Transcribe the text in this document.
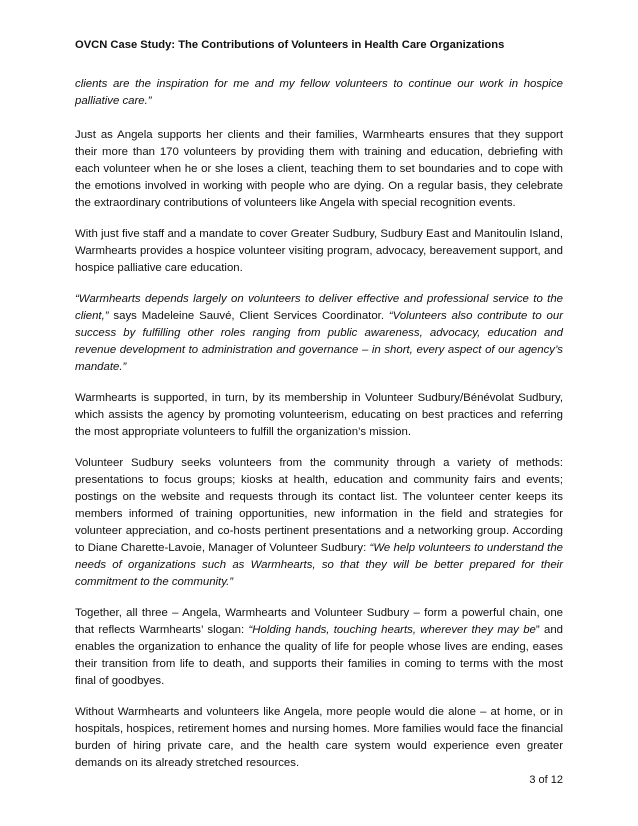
OVCN Case Study: The Contributions of Volunteers in Health Care Organizations

clients are the inspiration for me and my fellow volunteers to continue our work in hospice palliative care.”

Just as Angela supports her clients and their families, Warmhearts ensures that they support their more than 170 volunteers by providing them with training and education, debriefing with each volunteer when he or she loses a client, teaching them to set boundaries and to cope with the emotions involved in working with people who are dying. On a regular basis, they celebrate the extraordinary contributions of volunteers like Angela with special recognition events.

With just five staff and a mandate to cover Greater Sudbury, Sudbury East and Manitoulin Island, Warmhearts provides a hospice volunteer visiting program, advocacy, bereavement support, and hospice palliative care education.

“Warmhearts depends largely on volunteers to deliver effective and professional service to the client,” says Madeleine Sauvé, Client Services Coordinator. “Volunteers also contribute to our success by fulfilling other roles ranging from public awareness, advocacy, education and revenue development to administration and governance – in short, every aspect of our agency’s mandate.”

Warmhearts is supported, in turn, by its membership in Volunteer Sudbury/Bénévolat Sudbury, which assists the agency by promoting volunteerism, educating on best practices and referring the most appropriate volunteers to fulfill the organization’s mission.

Volunteer Sudbury seeks volunteers from the community through a variety of methods: presentations to focus groups; kiosks at health, education and community fairs and events; postings on the website and requests through its contact list. The volunteer center keeps its members informed of training opportunities, new information in the field and strategies for volunteer appreciation, and co-hosts pertinent presentations and a networking group. According to Diane Charette-Lavoie, Manager of Volunteer Sudbury: “We help volunteers to understand the needs of organizations such as Warmhearts, so that they will be better prepared for their commitment to the community.”

Together, all three – Angela, Warmhearts and Volunteer Sudbury – form a powerful chain, one that reflects Warmhearts’ slogan: “Holding hands, touching hearts, wherever they may be” and enables the organization to enhance the quality of life for people whose lives are ending, eases their transition from life to death, and supports their families in coming to terms with the most final of goodbyes.

Without Warmhearts and volunteers like Angela, more people would die alone – at home, or in hospitals, hospices, retirement homes and nursing homes. More families would face the financial burden of hiring private care, and the health care system would experience even greater demands on its already stretched resources.

3 of 12
